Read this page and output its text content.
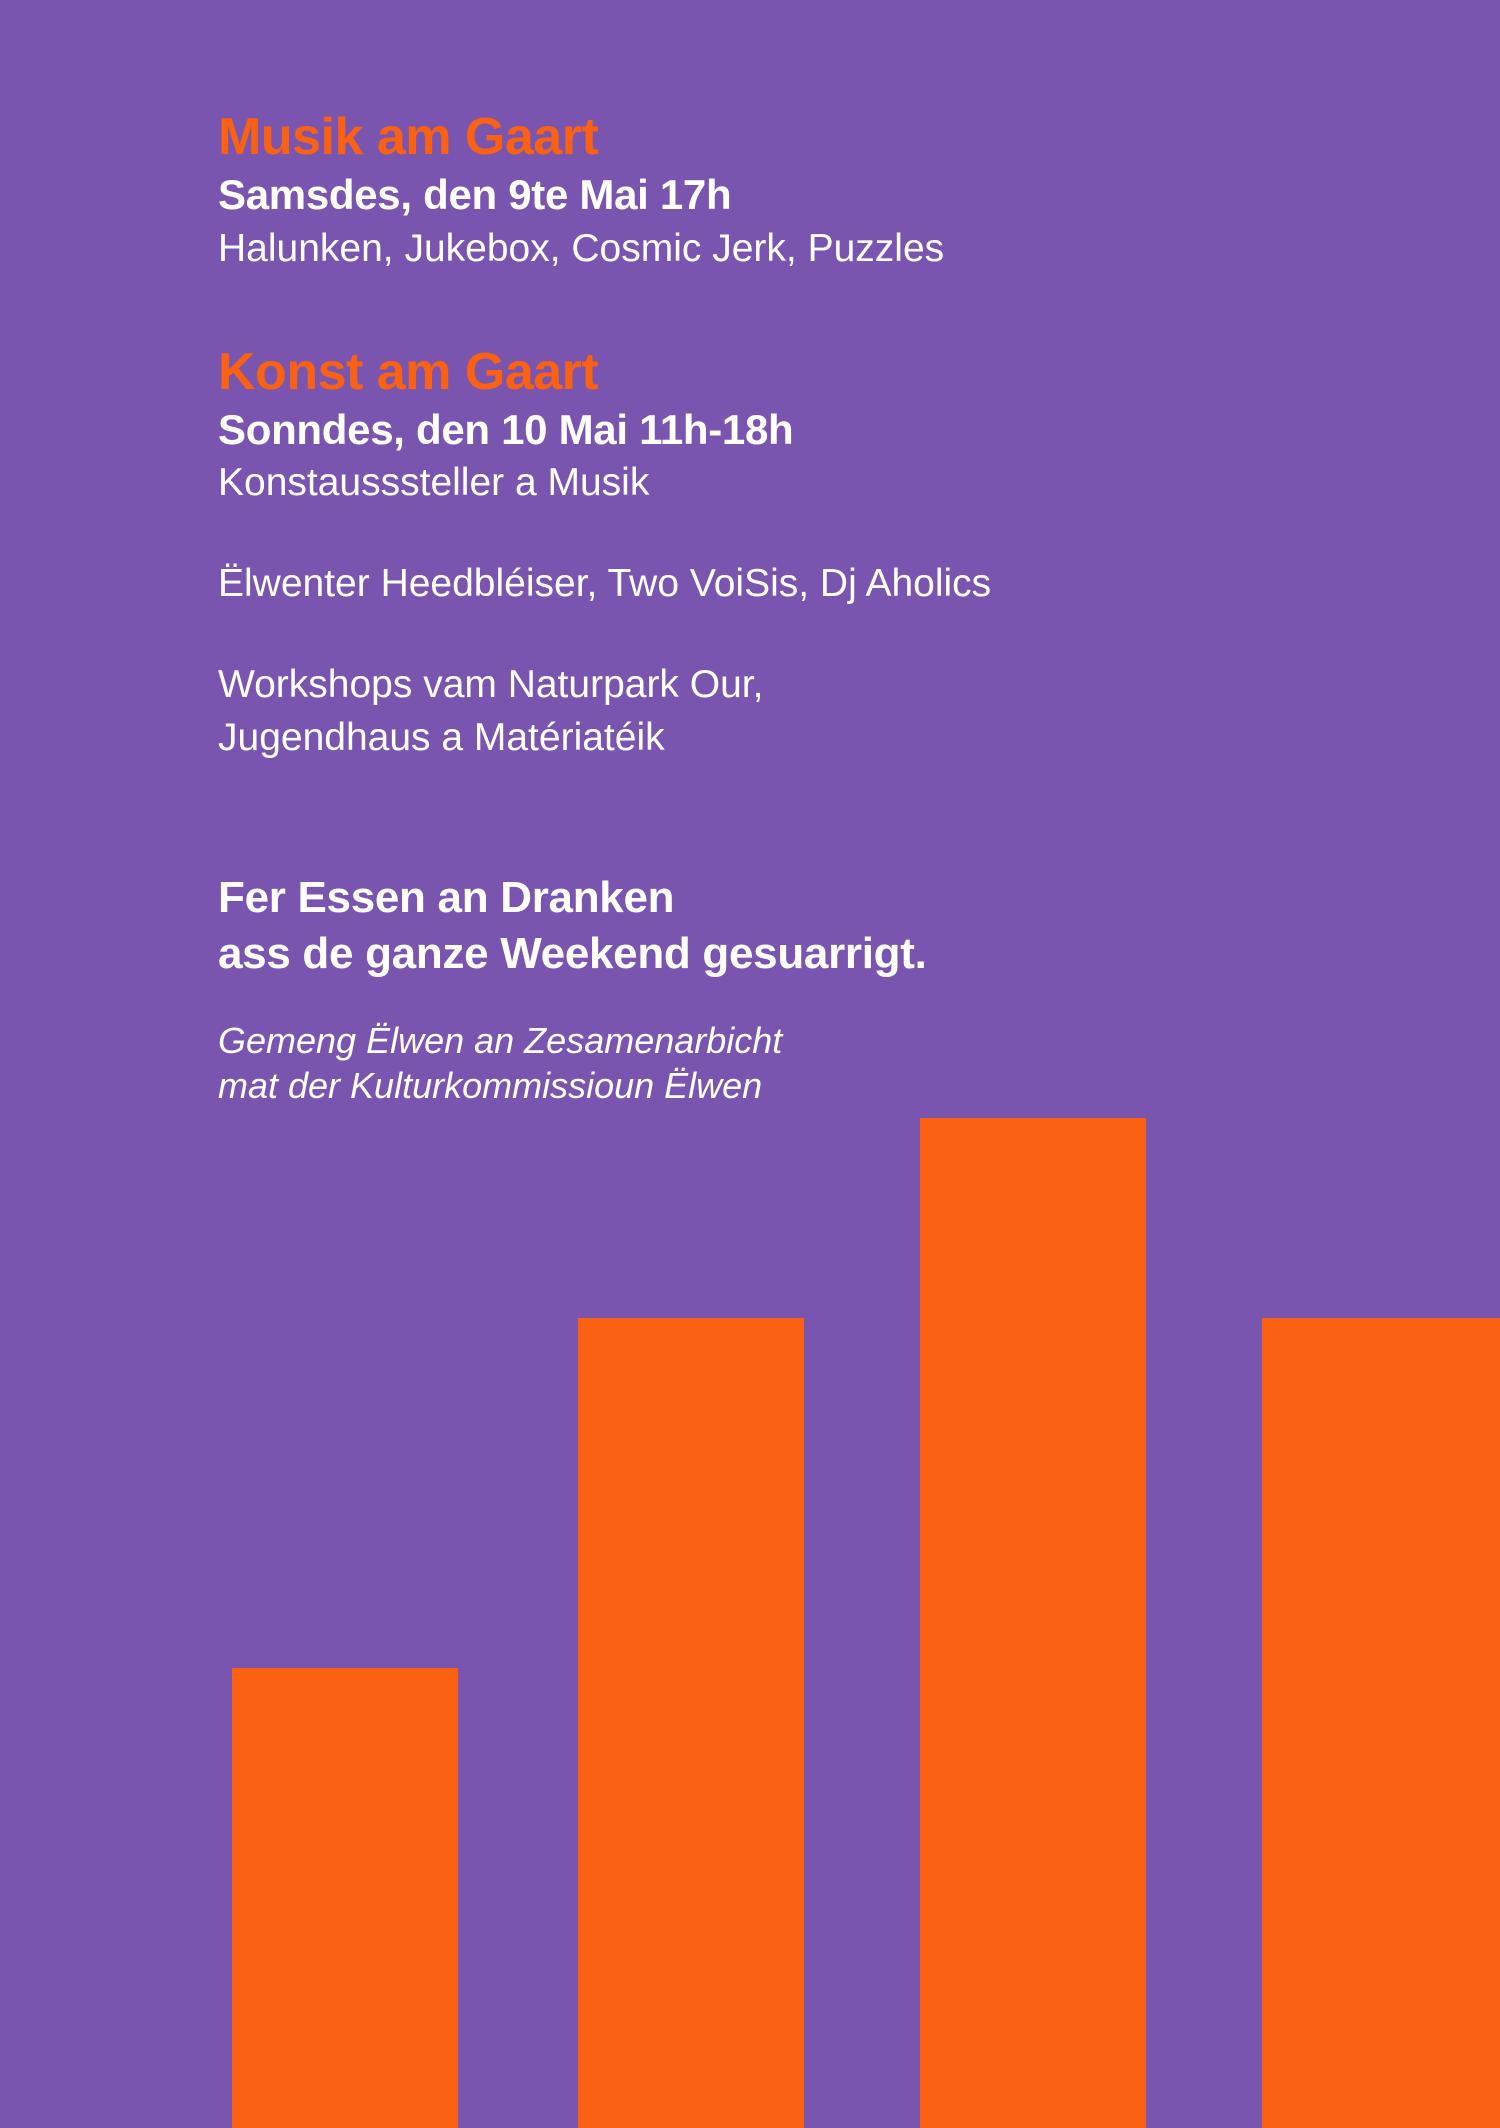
Musik am Gaart

Samsdes, den 9te Mai 17h

Halunken, Jukebox, Cosmic Jerk, Puzzles

Konst am Gaart

Sonndes, den 10 Mai 11h-18h

Konstausssteller a Musik

Ëlwenter Heedbléiser, Two VoiSis, Dj Aholics

Workshops vam Naturpark Our,

Jugendhaus a Matériatéik

Fer Essen an Dranken

ass de ganze Weekend gesuarrigt.

Gemeng Ëlwen an Zesamenarbicht

mat der Kulturkommissioun Ëlwen
